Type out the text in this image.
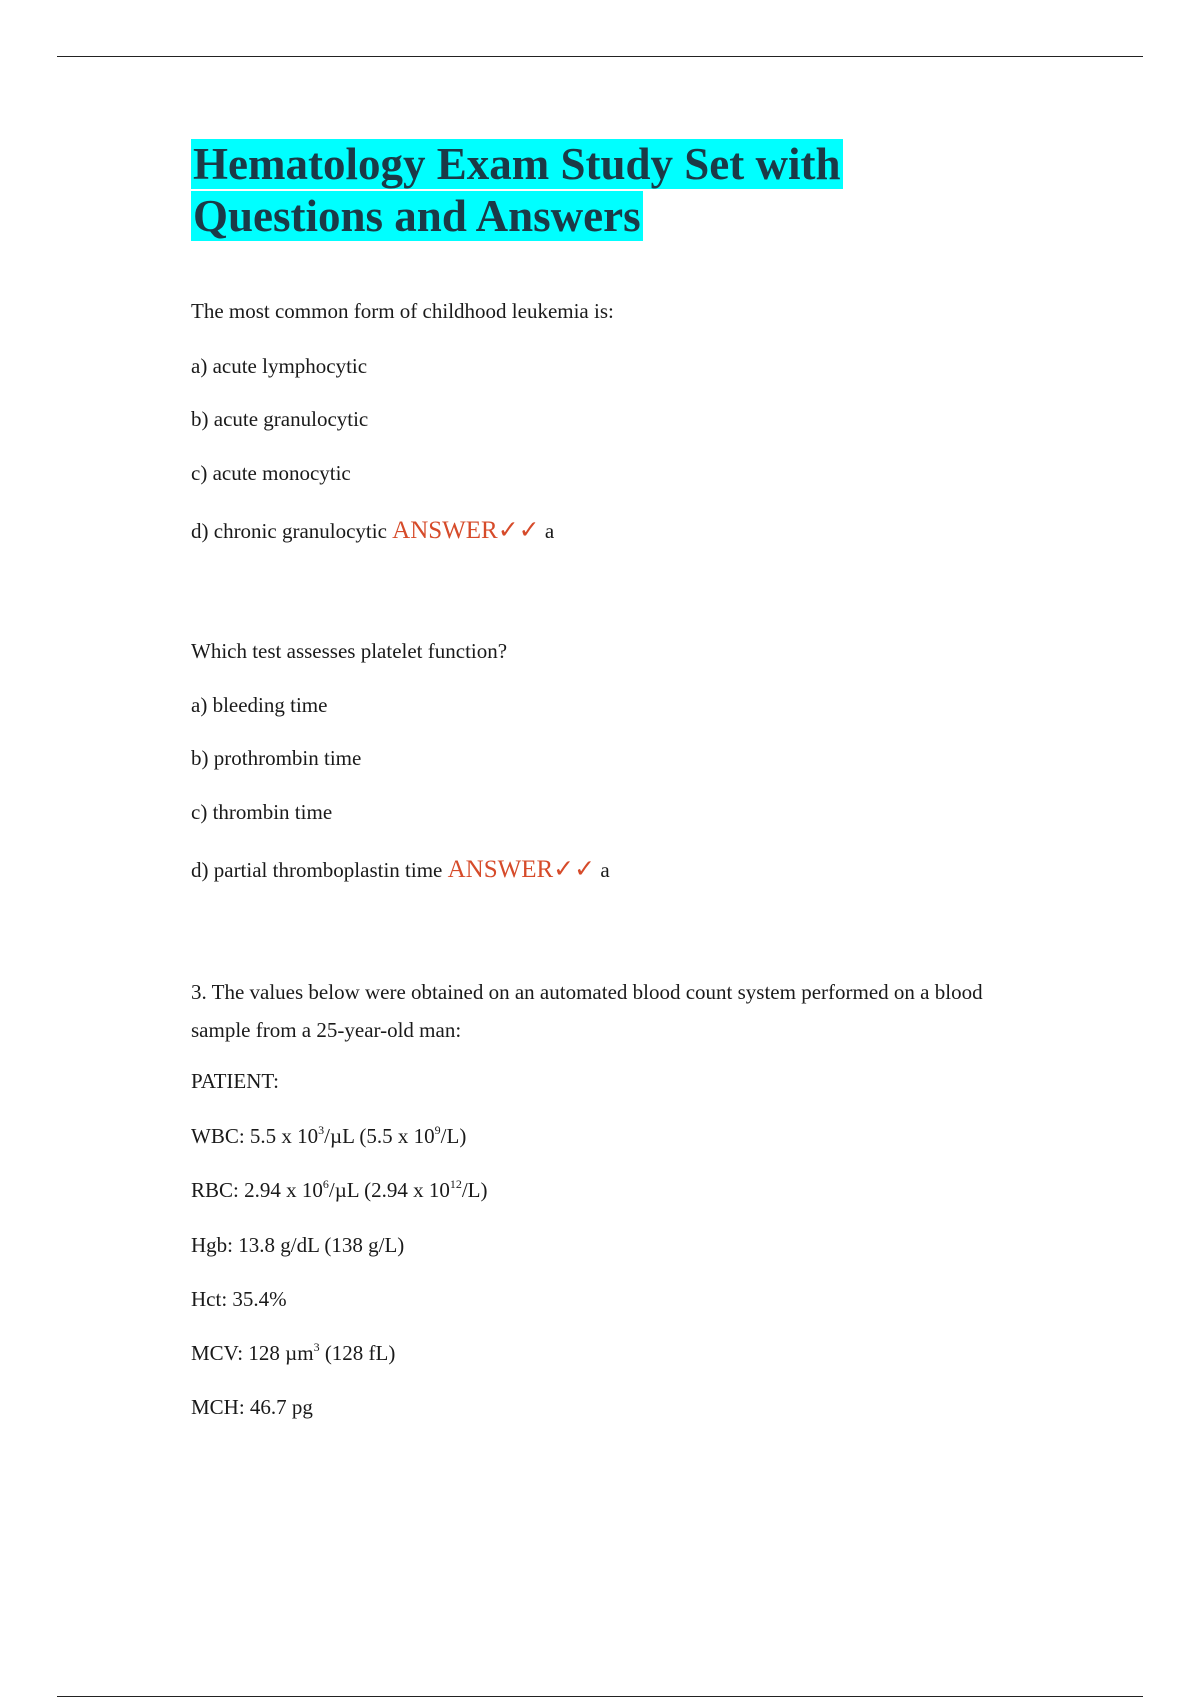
Hematology Exam Study Set with
Questions and Answers
The most common form of childhood leukemia is:
a) acute lymphocytic
b) acute granulocytic
c) acute monocytic
d) chronic granulocytic ANSWER✓✓ a
Which test assesses platelet function?
a) bleeding time
b) prothrombin time
c) thrombin time
d) partial thromboplastin time ANSWER✓✓ a
3. The values below were obtained on an automated blood count system performed on a blood sample from a 25-year-old man:
PATIENT:
WBC: 5.5 x $10^3/\mu L$ (5.5 x $10^9/L$)
RBC: 2.94 x $10^6/\mu L$ (2.94 x $10^{12}/L$)
Hgb: 13.8 g/dL (138 g/L)
Hct: 35.4%
MCV: 128 µm$^3$ (128 fL)
MCH: 46.7 pg
